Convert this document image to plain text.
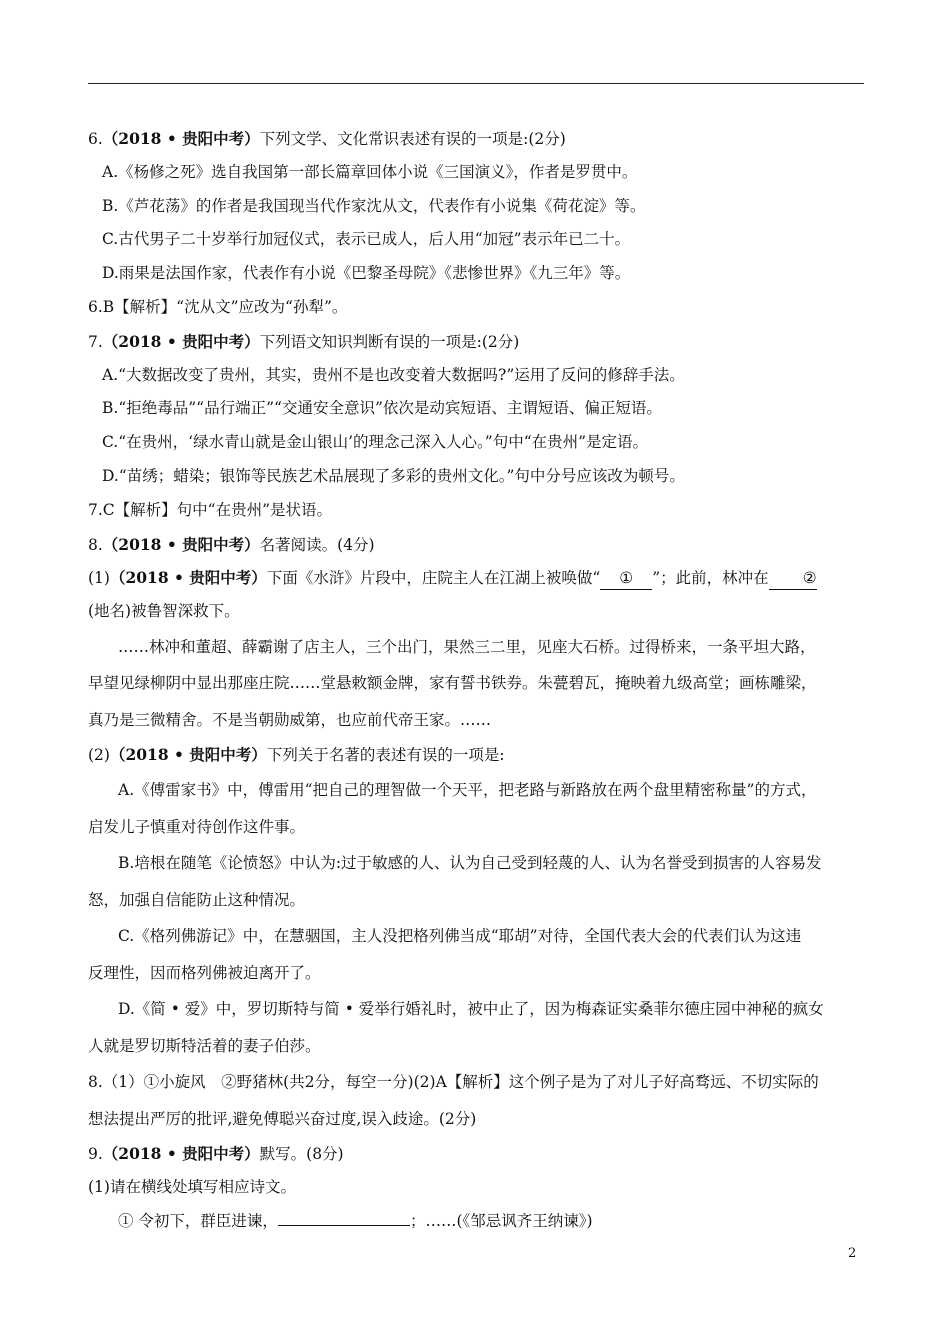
6.（2018 • 贵阳中考）下列文学、文化常识表述有误的一项是:(2分)
A.《杨修之死》选自我国第一部长篇章回体小说《三国演义》，作者是罗贯中。
B.《芦花荡》的作者是我国现当代作家沈从文，代表作有小说集《荷花淀》等。
C.古代男子二十岁举行加冠仪式，表示已成人，后人用“加冠”表示年已二十。
D.雨果是法国作家，代表作有小说《巴黎圣母院》《悲惨世界》《九三年》等。
6.B【解析】“沈从文”应改为“孙犁”。
7.（2018 • 贵阳中考）下列语文知识判断有误的一项是:(2分)
A.“大数据改变了贵州，其实，贵州不是也改变着大数据吗?”运用了反问的修辞手法。
B.“拒绝毒品”“品行端正”“交通安全意识”依次是动宾短语、主谓短语、偏正短语。
C.“在贵州，‘绿水青山就是金山银山’的理念己深入人心。”句中“在贵州”是定语。
D.“苗绣；蜡染；银饰等民族艺术品展现了多彩的贵州文化。”句中分号应该改为顿号。
7.C【解析】句中“在贵州”是状语。
8.（2018 • 贵阳中考）名著阅读。(4分)
(1)（2018 • 贵阳中考）下面《水浒》片段中，庄院主人在江湖上被唤做“ ① ”；此前，林冲在 ②
(地名)被鲁智深救下。
……林冲和董超、薛霸谢了店主人，三个出门，果然三二里，见座大石桥。过得桥来，一条平坦大路，
早望见绿柳阴中显出那座庄院……堂悬敕额金牌，家有誓书铁券。朱甍碧瓦，掩映着九级高堂；画栋雕梁，
真乃是三微精舍。不是当朝勋威第，也应前代帝王家。……
(2)（2018 • 贵阳中考）下列关于名著的表述有误的一项是:
A.《傅雷家书》中，傅雷用“把自己的理智做一个天平，把老路与新路放在两个盘里精密称量”的方式，
启发儿子慎重对待创作这件事。
B.培根在随笔《论愤怒》中认为:过于敏感的人、认为自己受到轻蔑的人、认为名誉受到损害的人容易发
怒，加强自信能防止这种情况。
C.《格列佛游记》中，在慧骃国，主人没把格列佛当成“耶胡”对待，全国代表大会的代表们认为这违
反理性，因而格列佛被迫离开了。
D.《简 • 爱》中，罗切斯特与简 • 爱举行婚礼时，被中止了，因为梅森证实桑菲尔德庄园中神秘的疯女
人就是罗切斯特活着的妻子伯莎。
8.（1）①小旋风　②野猪林(共2分，每空一分)(2)A【解析】这个例子是为了对儿子好高骛远、不切实际的
想法提出严厉的批评,避免傅聪兴奋过度,误入歧途。(2分)
9.（2018 • 贵阳中考）默写。(8分)
(1)请在横线处填写相应诗文。
① 令初下，群臣进谏，	；……(《邹忌讽齐王纳谏》)
2
